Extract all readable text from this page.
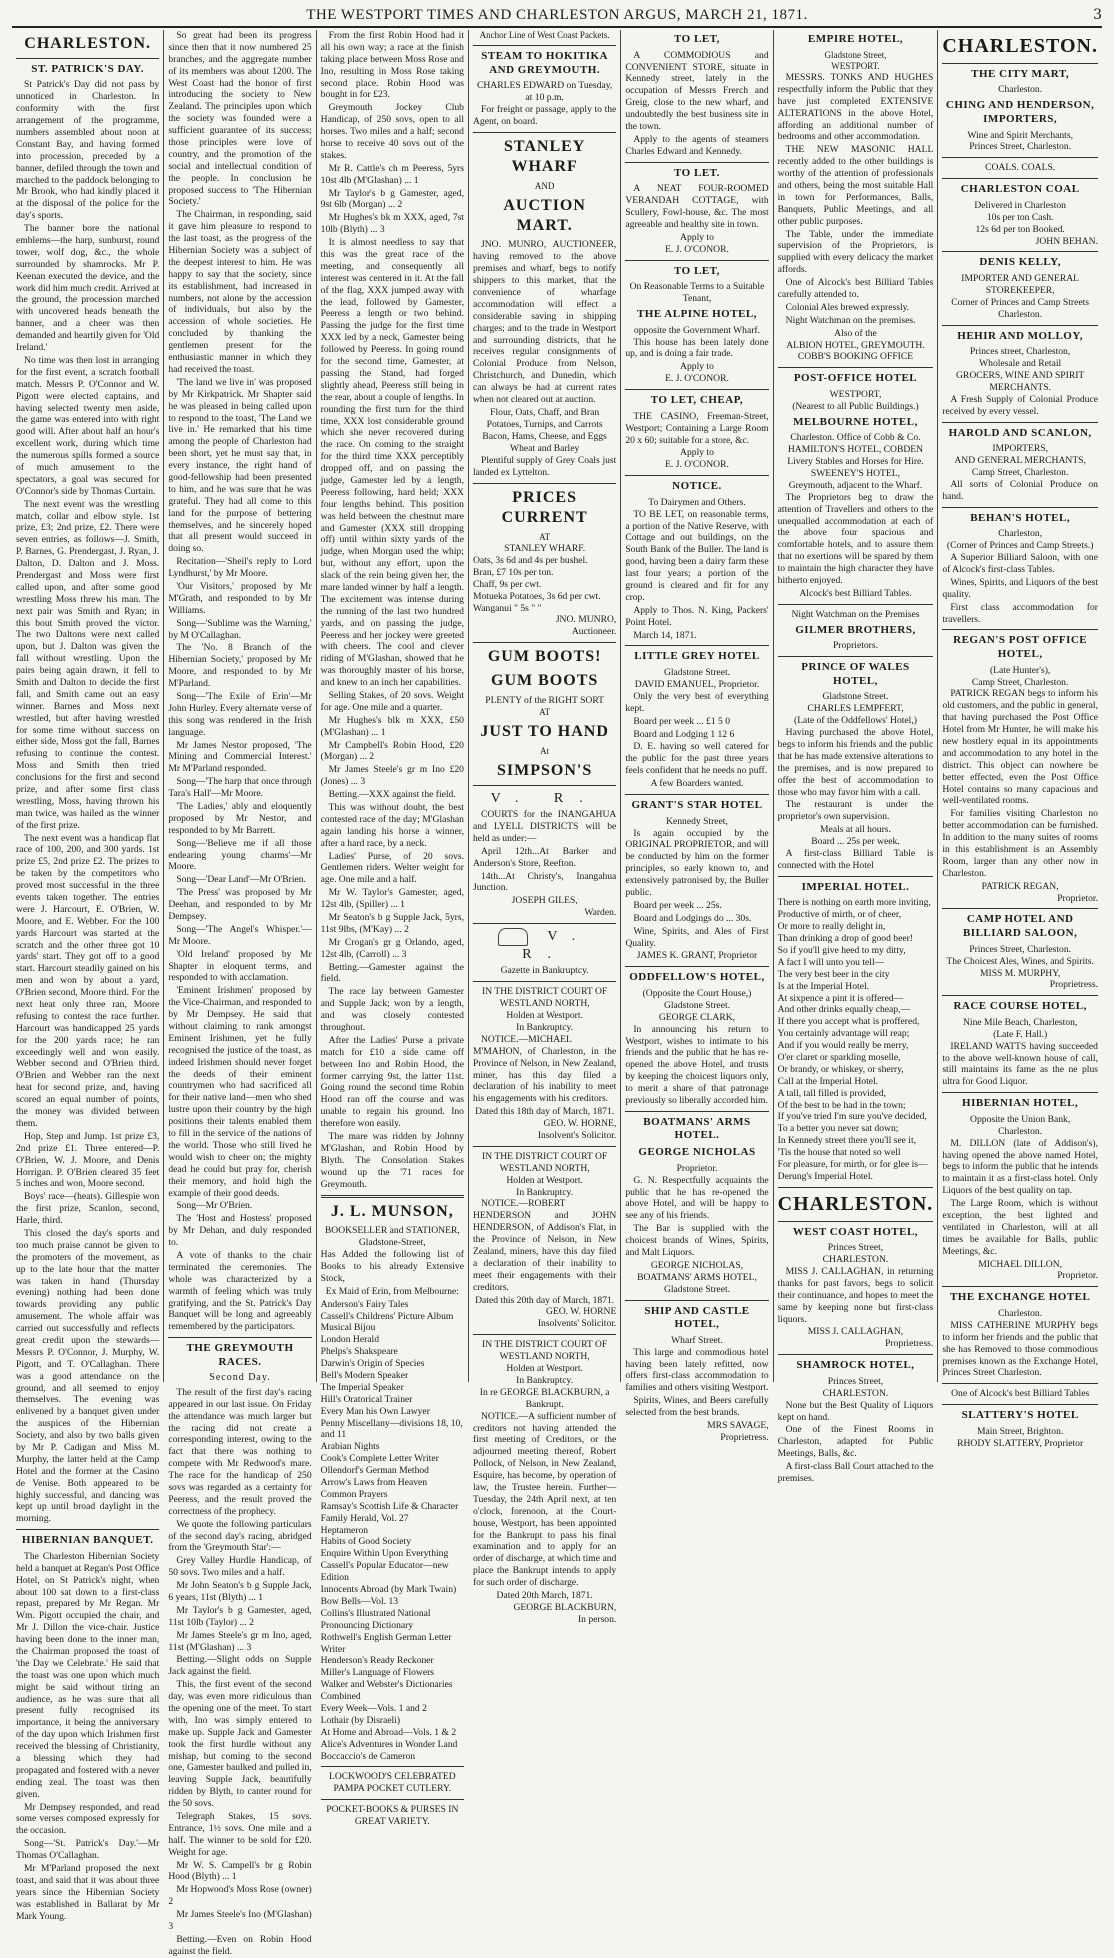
THE WESTPORT TIMES AND CHARLESTON ARGUS, MARCH 21, 1871.	3
CHARLESTON.
ST. PATRICK'S DAY.

St Patrick's Day did not pass by unnoticed in Charleston. In conformity with the first arrangement of the programme, numbers assembled about noon at Constant Bay, and having formed into procession, preceded by a banner, defiled through the town and marched to the paddock belonging to Mr Brook, who had kindly placed it at the disposal of the police for the day's sports.

The banner bore the national emblems—the harp, sunburst, round tower, wolf dog, &c., the whole surrounded by shamrocks. Mr P. Keenan executed the device, and the work did him much credit. Arrived at the ground, the procession marched with uncovered heads beneath the banner, and a cheer was then demanded and heartily given for 'Old Ireland.'

No time was then lost in arranging for the first event, a scratch football match. Messrs P. O'Connor and W. Pigott were elected captains, and having selected twenty men aside, the game was entered into with right good will. After about half an hour's excellent work, during which time the numerous spills formed a source of much amusement to the spectators, a goal was secured for O'Connor's side by Thomas Curtain.

The next event was the wrestling match, collar and elbow style. 1st prize, £3; 2nd prize, £2. There were seven entries, as follows—J. Smith, P. Barnes, G. Prendergast, J. Ryan, J. Dalton, D. Dalton and J. Moss. Prendergast and Moss were first called upon, and after some good wrestling Moss threw his man. The next pair was Smith and Ryan; in this bout Smith proved the victor. The two Daltons were next called upon, but J. Dalton was given the fall without wrestling. Upon the pairs being again drawn, it fell to Smith and Dalton to decide the first fall, and Smith came out an easy winner. Barnes and Moss next wrestled, but after having wrestled for some time without success on either side, Moss got the fall, Barnes refusing to continue the contest. Moss and Smith then tried conclusions for the first and second prize, and after some first class wrestling, Moss, having thrown his man twice, was hailed as the winner of the first prize.

The next event was a handicap flat race of 100, 200, and 300 yards. 1st prize £5, 2nd prize £2. The prizes to be taken by the competitors who proved most successful in the three events taken together. The entries were J. Harcourt, E. O'Brien, W. Moore, and E. Webber. For the 100 yards Harcourt was started at the scratch and the other three got 10 yards' start. They got off to a good start. Harcourt steadily gained on his men and won by about a yard, O'Brien second, Moore third. For the next heat only three ran, Moore refusing to contest the race further. Harcourt was handicapped 25 yards for the 200 yards race; he ran exceedingly well and won easily. Webber second and O'Brien third. O'Brien and Webber ran the next heat for second prize, and, having scored an equal number of points, the money was divided between them.

Hop, Step and Jump. 1st prize £3, 2nd prize £1. Three entered—P. O'Brien, W. J. Moore, and Denis Horrigan. P. O'Brien cleared 35 feet 5 inches and won, Moore second.

Boys' race—(heats). Gillespie won the first prize, Scanlon, second, Harle, third.

This closed the day's sports and too much praise cannot be given to the promoters of the movement, as up to the late hour that the matter was taken in hand (Thursday evening) nothing had been done towards providing any public amusement. The whole affair was carried out successfully and reflects great credit upon the stewards—Messrs P. O'Connor, J. Murphy, W. Pigott, and T. O'Callaghan. There was a good attendance on the ground, and all seemed to enjoy themselves. The evening was enlivened by a banquet given under the auspices of the Hibernian Society, and also by two balls given by Mr P. Cadigan and Miss M. Murphy, the latter held at the Camp Hotel and the former at the Casino de Venise. Both appeared to be highly successful, and dancing was kept up until broad daylight in the morning.

HIBERNIAN BANQUET.

The Charleston Hibernian Society held a banquet at Regan's Post Office Hotel, on St Patrick's night, when about 100 sat down to a first-class repast, prepared by Mr Regan. Mr Wm. Pigott occupied the chair, and Mr J. Dillon the vice-chair. Justice having been done to the inner man, the Chairman proposed the toast of 'the Day we Celebrate.' He said that the toast was one upon which much might be said without tiring an audience, as he was sure that all present fully recognised its importance, it being the anniversary of the day upon which Irishmen first received the blessing of Christianity, a blessing which they had propagated and fostered with a never ending zeal. The toast was then given.

Mr Dempsey responded, and read some verses composed expressly for the occasion.

Song—'St. Patrick's Day.'—Mr Thomas O'Callaghan.

Mr M'Parland proposed the next toast, and said that it was about three years since the Hibernian Society was established in Ballarat by Mr Mark Young.

So great had been its progress since then that it now numbered 25 branches, and the aggregate number of its members was about 1200. The West Coast had the honor of first introducing the society to New Zealand. The principles upon which the society was founded were a sufficient guarantee of its success; those principles were love of country, and the promotion of the social and intellectual condition of the people. In conclusion he proposed success to 'The Hibernian Society.'

The Chairman, in responding, said it gave him pleasure to respond to the last toast, as the progress of the Hibernian Society was a subject of the deepest interest to him. He was happy to say that the society, since its establishment, had increased in numbers, not alone by the accession of individuals, but also by the accession of whole societies. He concluded by thanking the gentlemen present for the enthusiastic manner in which they had received the toast.

'The land we live in' was proposed by Mr Kirkpatrick. Mr Shapter said he was pleased in being called upon to respond to the toast, 'The Land we live in.' He remarked that his time among the people of Charleston had been short, yet he must say that, in every instance, the right hand of good-fellowship had been presented to him, and he was sure that he was grateful. They had all come to this land for the purpose of bettering themselves, and he sincerely hoped that all present would succeed in doing so.

Recitation—'Sheil's reply to Lord Lyndhurst,' by Mr Moore.

'Our Visitors,' proposed by Mr M'Grath, and responded to by Mr Williams.

Song—'Sublime was the Warning,' by M O'Callaghan.

The 'No. 8 Branch of the Hibernian Society,' proposed by Mr Moore, and responded to by Mr M'Parland.

Song—'The Exile of Erin'—Mr John Hurley. Every alternate verse of this song was rendered in the Irish language.

Mr James Nestor proposed, 'The Mining and Commercial Interest.' Mr M'Parland responded.

Song—'The harp that once through Tara's Hall'—Mr Moore.

'The Ladies,' ably and eloquently proposed by Mr Nestor, and responded to by Mr Barrett.

Song—'Believe me if all those endearing young charms'—Mr Moore.

Song—'Dear Land'—Mr O'Brien.

'The Press' was proposed by Mr Deehan, and responded to by Mr Dempsey.

Song—'The Angel's Whisper.'—Mr Moore.

'Old Ireland' proposed by Mr Shapter in eloquent terms, and responded to with acclamation.

'Eminent Irishmen' proposed by the Vice-Chairman, and responded to by Mr Dempsey. He said that without claiming to rank amongst Eminent Irishmen, yet he fully recognised the justice of the toast, as indeed Irishmen should never forget the deeds of their eminent countrymen who had sacrificed all for their native land—men who shed lustre upon their country by the high positions their talents enabled them to fill in the service of the nations of the world. Those who still lived he would wish to cheer on; the mighty dead he could but pray for, cherish their memory, and hold high the example of their good deeds.

Song—Mr O'Brien.

The 'Host and Hostess' proposed by Mr Dehan, and duly responded to.

A vote of thanks to the chair terminated the ceremonies. The whole was characterized by a warmth of feeling which was truly gratifying, and the St. Patrick's Day Banquet will be long and agreeably remembered by the participators.

THE GREYMOUTH RACES.
Second Day.

The result of the first day's racing appeared in our last issue. On Friday the attendance was much larger but the racing did not create a corresponding interest, owing to the fact that there was nothing to compete with Mr Redwood's mare. The race for the handicap of 250 sovs was regarded as a certainty for Peeress, and the result proved the correctness of the prophecy.

We quote the following particulars of the second day's racing, abridged from the 'Greymouth Star':—

Grey Valley Hurdle Handicap, of 50 sovs. Two miles and a half.

Mr John Seaton's b g Supple Jack, 6 years, 11st (Blyth) ... 1

Mr Taylor's b g Gamester, aged, 11st 10lb (Taylor) ... 2

Mr James Steele's gr m Ino, aged, 11st (M'Glashan) ... 3

Betting.—Slight odds on Supple Jack against the field.

This, the first event of the second day, was even more ridiculous than the opening one of the meet. To start with, Ino was simply entered to make up. Supple Jack and Gamester took the first hurdle without any mishap, but coming to the second one, Gamester baulked and pulled in, leaving Supple Jack, beautifully ridden by Blyth, to canter round for the 50 sovs.

Telegraph Stakes, 15 sovs. Entrance, 1½ sovs. One mile and a half. The winner to be sold for £20. Weight for age.

Mr W. S. Campell's br g Robin Hood (Blyth) ... 1

Mr Hopwood's Moss Rose (owner) 2

Mr James Steele's Ino (M'Glashan) 3

Betting.—Even on Robin Hood against the field.

From the first Robin Hood had it all his own way; a race at the finish taking place between Moss Rose and Ino, resulting in Moss Rose taking second place. Robin Hood was bought in for £23.

Greymouth Jockey Club Handicap, of 250 sovs, open to all horses. Two miles and a half; second horse to receive 40 sovs out of the stakes.

Mr R. Cattle's ch m Peeress, 5yrs 10st 4lb (M'Glashan) ... 1

Mr Taylor's b g Gamester, aged, 9st 6lb (Morgan) ... 2

Mr Hughes's bk m XXX, aged, 7st 10lb (Blyth) ... 3

It is almost needless to say that this was the great race of the meeting, and consequently all interest was centered in it. At the fall of the flag, XXX jumped away with the lead, followed by Gamester, Peeress a length or two behind. Passing the judge for the first time XXX led by a neck, Gamester being followed by Peeress. In going round for the second time, Gamester, at passing the Stand, had forged slightly ahead, Peeress still being in the rear, about a couple of lengths. In rounding the first turn for the third time, XXX lost considerable ground which she never recovered during the race. On coming to the straight for the third time XXX perceptibly dropped off, and on passing the judge, Gamester led by a length, Peeress following, hard held; XXX four lengths behind. This position was held between the chestnut mare and Gamester (XXX still dropping off) until within sixty yards of the judge, when Morgan used the whip; but, without any effort, upon the slack of the rein being given her, the mare landed winner by half a length. The excitement was intense during the running of the last two hundred yards, and on passing the judge, Peeress and her jockey were greeted with cheers. The cool and clever riding of M'Glashan, showed that he was thoroughly master of his horse, and knew to an inch her capabilities.

Selling Stakes, of 20 sovs. Weight for age. One mile and a quarter.

Mr Hughes's blk m XXX, £50 (M'Glashan) ... 1

Mr Campbell's Robin Hood, £20 (Morgan) ... 2

Mr James Steele's gr m Ino £20 (Jones) ... 3

Betting.—XXX against the field.

This was without doubt, the best contested race of the day; M'Glashan again landing his horse a winner, after a hard race, by a neck.

Ladies' Purse, of 20 sovs. Gentlemen riders. Welter weight for age. One mile and a half.

Mr W. Taylor's Gamester, aged, 12st 4lb, (Spiller) ... 1

Mr Seaton's b g Supple Jack, 5yrs, 11st 9lbs, (M'Kay) ... 2

Mr Crogan's gr g Orlando, aged, 12st 4lb, (Carroll) ... 3

Betting.—Gamester against the field.

The race lay between Gamester and Supple Jack; won by a length, and was closely contested throughout.

After the Ladies' Purse a private match for £10 a side came off between Ino and Robin Hood, the former carrying 9st, the latter 11st. Going round the second time Robin Hood ran off the course and was unable to regain his ground. Ino therefore won easily.

The mare was ridden by Johnny M'Glashan, and Robin Hood by Blyth. The Consolation Stakes wound up the '71 races for Greymouth.

J. L. MUNSON,
BOOKSELLER and STATIONER,
Gladstone-Street,

Has Added the following list of Books to his already Extensive Stock,

Ex Maid of Erin, from Melbourne:

Anderson's Fairy Tales
Cassell's Childrens' Picture Album
Musical Bijou
London Herald
Phelps's Shakspeare
Darwin's Origin of Species
Bell's Modern Speaker
The Imperial Speaker
Hill's Oratorical Trainer
Every Man his Own Lawyer
Penny Miscellany—divisions 18, 10, and 11
Arabian Nights
Cook's Complete Letter Writer
Ollendorf's German Method
Arrow's Laws from Heaven
Common Prayers
Ramsay's Scottish Life & Character
Family Herald, Vol. 27
Heptameron
Habits of Good Society
Enquire Within Upon Everything
Cassell's Popular Educator—new Edition
Innocents Abroad (by Mark Twain)
Bow Bells—Vol. 13
Collins's Illustrated National Pronouncing Dictionary
Rothwell's English German Letter Writer
Henderson's Ready Reckoner
Miller's Language of Flowers
Walker and Webster's Dictionaries Combined
Every Week—Vols. 1 and 2
Lothair (by Disraeli)
At Home and Abroad—Vols. 1 & 2
Alice's Adventures in Wonder Land
Boccaccio's de Cameron
LOCKWOOD'S CELEBRATED PAMPA POCKET CUTLERY.
POCKET-BOOKS & PURSES IN GREAT VARIETY.
Anchor Line of West Coast Packets.
STEAM TO HOKITIKA AND GREYMOUTH.
CHARLES EDWARD on Tuesday, at 10 p.m.

For freight or passage, apply to the Agent, on board.

STANLEY WHARF
AND
AUCTION MART.

JNO. MUNRO, AUCTIONEER, having removed to the above premises and wharf, begs to notify shippers to this market, that the convenience of wharfage accommodation will effect a considerable saving in shipping charges; and to the trade in Westport and surrounding districts, that he receives regular consignments of Colonial Produce from Nelson, Christchurch, and Dunedin, which can always be had at current rates when not cleared out at auction.

Flour, Oats, Chaff, and Bran Potatoes, Turnips, and Carrots Bacon, Hams, Cheese, and Eggs Wheat and Barley

Plentiful supply of Grey Coals just landed ex Lyttelton.

PRICES CURRENT
AT
STANLEY WHARF.
Oats, 3s 6d and 4s per bushel.
Bran, £7 10s per ton.
Chaff, 9s per cwt.
Motueka Potatoes, 3s 6d per cwt.
Wanganui " 5s " "
JNO. MUNRO,
Auctioneer.
GUM BOOTS!
GUM BOOTS
PLENTY of the RIGHT SORT
AT
JUST TO HAND
At
SIMPSON'S
V. R.

COURTS for the INANGAHUA and LYELL DISTRICTS will be held as under:—

April 12th...At Barker and Anderson's Store, Reefton.

14th...At Christy's, Inangahua Junction.

JOSEPH GILES,
Warden.
V. R.
Gazette in Bankruptcy.
IN THE DISTRICT COURT OF WESTLAND NORTH,
Holden at Westport.
In Bankruptcy.

NOTICE.—MICHAEL M'MAHON, of Charleston, in the Province of Nelson, in New Zealand, miner, has this day filed a declaration of his inability to meet his engagements with his creditors.

Dated this 18th day of March, 1871.
GEO. W. HORNE,
Insolvent's Solicitor.
IN THE DISTRICT COURT OF WESTLAND NORTH,
Holden at Westport.
In Bankruptcy.

NOTICE.—ROBERT HENDERSON and JOHN HENDERSON, of Addison's Flat, in the Province of Nelson, in New Zealand, miners, have this day filed a declaration of their inability to meet their engagements with their creditors.

Dated this 20th day of March, 1871.
GEO. W. HORNE
Insolvents' Solicitor.
IN THE DISTRICT COURT OF WESTLAND NORTH,
Holden at Westport.
In Bankruptcy.
In re GEORGE BLACKBURN, a Bankrupt.

NOTICE.—A sufficient number of creditors not having attended the first meeting of Creditors, or the adjourned meeting thereof, Robert Pollock, of Nelson, in New Zealand, Esquire, has become, by operation of law, the Trustee herein. Further—Tuesday, the 24th April next, at ten o'clock, forenoon, at the Court-house, Westport, has been appointed for the Bankrupt to pass his final examination and to apply for an order of discharge, at which time and place the Bankrupt intends to apply for such order of discharge.

Dated 20th March, 1871.
GEORGE BLACKBURN,
In person.
TO LET,

A COMMODIOUS and CONVENIENT STORE, situate in Kennedy street, lately in the occupation of Messrs Frerch and Greig, close to the new wharf, and undoubtedly the best business site in the town.

Apply to the agents of steamers Charles Edward and Kennedy.

TO LET.

A NEAT FOUR-ROOMED VERANDAH COTTAGE, with Scullery, Fowl-house, &c. The most agreeable and healthy site in town.

Apply to
E. J. O'CONOR.
TO LET,
On Reasonable Terms to a Suitable Tenant,
THE ALPINE HOTEL,
opposite the Government Wharf.

This house has been lately done up, and is doing a fair trade.

Apply to
E. J. O'CONOR.
TO LET, CHEAP,

THE CASINO, Freeman-Street, Westport; Containing a Large Room 20 x 60; suitable for a store, &c.

Apply to
E. J. O'CONOR.
NOTICE.
To Dairymen and Others.

TO BE LET, on reasonable terms, a portion of the Native Reserve, with Cottage and out buildings, on the South Bank of the Buller. The land is good, having been a dairy farm these last four years; a portion of the ground is cleared and fit for any crop.

Apply to Thos. N. King, Packers' Point Hotel.

March 14, 1871.

LITTLE GREY HOTEL
Gladstone Street.
DAVID EMANUEL, Proprietor.

Only the very best of everything kept.

Board per week ... £1 5 0

Board and Lodging 1 12 6

D. E. having so well catered for the public for the past three years feels confident that he needs no puff.

A few Boarders wanted.
GRANT'S STAR HOTEL
Kennedy Street,

Is again occupied by the ORIGINAL PROPRIETOR, and will be conducted by him on the former principles, so early known to, and extensively patronised by, the Buller public.

Board per week ... 25s.

Board and Lodgings do ... 30s.

Wine, Spirits, and Ales of First Quality.

JAMES K. GRANT, Proprietor
ODDFELLOW'S HOTEL,
(Opposite the Court House,)
Gladstone Street.
GEORGE CLARK,

In announcing his return to Westport, wishes to intimate to his friends and the public that he has re-opened the above Hotel, and trusts by keeping the choicest liquors only, to merit a share of that patronage previously so liberally accorded him.

BOATMANS' ARMS HOTEL.
GEORGE NICHOLAS
Proprietor.

G. N. Respectfully acquaints the public that he has re-opened the above Hotel, and will be happy to see any of his friends.

The Bar is supplied with the choicest brands of Wines, Spirits, and Malt Liquors.

GEORGE NICHOLAS,
BOATMANS' ARMS HOTEL,
Gladstone Street.
SHIP AND CASTLE HOTEL,
Wharf Street.

This large and commodious hotel having been lately refitted, now offers first-class accommodation to families and others visiting Westport.

Spirits, Wines, and Beers carefully selected from the best brands.

MRS SAVAGE,
Proprietress.
EMPIRE HOTEL,
Gladstone Street,
WESTPORT.

MESSRS. TONKS AND HUGHES respectfully inform the Public that they have just completed EXTENSIVE ALTERATIONS in the above Hotel, affording an additional number of bedrooms and other accommodation.

THE NEW MASONIC HALL recently added to the other buildings is worthy of the attention of professionals and others, being the most suitable Hall in town for Performances, Balls, Banquets, Public Meetings, and all other public purposes.

The Table, under the immediate supervision of the Proprietors, is supplied with every delicacy the market affords.

One of Alcock's best Billiard Tables carefully attended to.

Colonial Ales brewed expressly.

Night Watchman on the premises.

Also of the
ALBION HOTEL, GREYMOUTH.
COBB'S BOOKING OFFICE
POST-OFFICE HOTEL
WESTPORT,
(Nearest to all Public Buildings.)
MELBOURNE HOTEL,
Charleston. Office of Cobb & Co.
HAMILTON'S HOTEL, COBDEN
Livery Stables and Horses for Hire.
SWEENEY'S HOTEL,
Greymouth, adjacent to the Wharf.

The Proprietors beg to draw the attention of Travellers and others to the unequalled accommodation at each of the above four spacious and comfortable hotels, and to assure them that no exertions will be spared by them to maintain the high character they have hitherto enjoyed.

Alcock's best Billiard Tables.
Night Watchman on the Premises
GILMER BROTHERS,
Proprietors.
PRINCE OF WALES HOTEL,
Gladstone Street.
CHARLES LEMPFERT,
(Late of the Oddfellows' Hotel,)

Having purchased the above Hotel, begs to inform his friends and the public that he has made extensive alterations to the premises, and is now prepared to offer the best of accommodation to those who may favor him with a call.

The restaurant is under the proprietor's own supervision.

Meals at all hours.
Board ... 25s per week.

A first-class Billiard Table is connected with the Hotel

IMPERIAL HOTEL.
There is nothing on earth more inviting,
Productive of mirth, or of cheer,
Or more to really delight in,
Than drinking a drop of good beer!
So if you'll give heed to my ditty,
A fact I will unto you tell—
The very best beer in the city
Is at the Imperial Hotel.
At sixpence a pint it is offered—
And other drinks equally cheap,—
If there you accept what is proffered,
You certainly advantage will reap;
And if you would really be merry,
O'er claret or sparkling moselle,
Or brandy, or whiskey, or sherry,
Call at the Imperial Hotel.
A tall, tall filled is provided,
Of the best to be had in the town;
If you've tried I'm sure you've decided,
To a better you never sat down;
In Kennedy street there you'll see it,
'Tis the house that noted so well
For pleasure, for mirth, or for glee is—
Derung's Imperial Hotel.
CHARLESTON.
WEST COAST HOTEL,
Princes Street,
CHARLESTON.

MISS J. CALLAGHAN, in returning thanks for past favors, begs to solicit their continuance, and hopes to meet the same by keeping none but first-class liquors.

MISS J. CALLAGHAN,
Proprietress.
SHAMROCK HOTEL,
Princes Street,
CHARLESTON.

None but the Best Quality of Liquors kept on hand.

One of the Finest Rooms in Charleston, adapted for Public Meetings, Balls, &c.

A first-class Ball Court attached to the premises.

CHARLESTON.
THE CITY MART,
Charleston.
CHING AND HENDERSON, IMPORTERS,
Wine and Spirit Merchants,
Princes Street, Charleston.
COALS. COALS.
CHARLESTON COAL
Delivered in Charleston
10s per ton Cash.
12s 6d per ton Booked.
JOHN BEHAN.
DENIS KELLY,
IMPORTER AND GENERAL STOREKEEPER,
Corner of Princes and Camp Streets Charleston.
HEHIR AND MOLLOY,
Princes street, Charleston,
Wholesale and Retail
GROCERS, WINE AND SPIRIT MERCHANTS.

A Fresh Supply of Colonial Produce received by every vessel.

HAROLD AND SCANLON,
IMPORTERS,
AND GENERAL MERCHANTS,
Camp Street, Charleston.

All sorts of Colonial Produce on hand.

BEHAN'S HOTEL,
Charleston,
(Corner of Princes and Camp Streets.)

A Superior Billiard Saloon, with one of Alcock's first-class Tables.

Wines, Spirits, and Liquors of the best quality.

First class accommodation for travellers.

REGAN'S POST OFFICE HOTEL,
(Late Hunter's),
Camp Street, Charleston.

PATRICK REGAN begs to inform his old customers, and the public in general, that having purchased the Post Office Hotel from Mr Hunter, he will make his new hostlery equal in its appointments and accommodation to any hotel in the district. This object can nowhere be better effected, even the Post Office Hotel contains so many capacious and well-ventilated rooms.

For families visiting Charleston no better accommodation can be furnished. In addition to the many suites of rooms in this establishment is an Assembly Room, larger than any other now in Charleston.

PATRICK REGAN,
Proprietor.
CAMP HOTEL AND BILLIARD SALOON,
Princes Street, Charleston.
The Choicest Ales, Wines, and Spirits.
MISS M. MURPHY,
Proprietress.
RACE COURSE HOTEL,
Nine Mile Beach, Charleston,
(Late F. Hall.)

IRELAND WATTS having succeeded to the above well-known house of call, still maintains its fame as the ne plus ultra for Good Liquor.

HIBERNIAN HOTEL,
Opposite the Union Bank,
Charleston.

M. DILLON (late of Addison's), having opened the above named Hotel, begs to inform the public that he intends to maintain it as a first-class hotel. Only Liquors of the best quality on tap.

The Large Room, which is without exception, the best lighted and ventilated in Charleston, will at all times be available for Balls, public Meetings, &c.

MICHAEL DILLON,
Proprietor.
THE EXCHANGE HOTEL
Charleston.

MISS CATHERINE MURPHY begs to inform her friends and the public that she has Removed to those commodious premises known as the Exchange Hotel, Princes Street Charleston.

One of Alcock's best Billiard Tables
SLATTERY'S HOTEL
Main Street, Brighton.
RHODY SLATTERY, Proprietor
